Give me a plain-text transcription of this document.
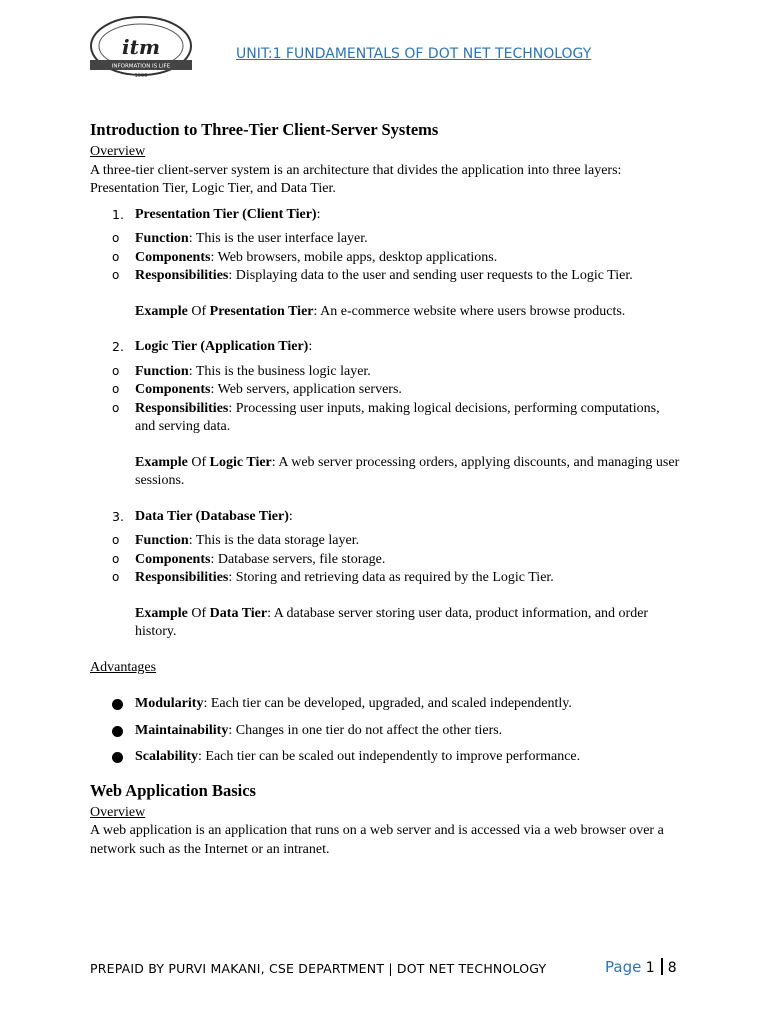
itm
INFORMATION IS LIFE
1993
UNIT:1 FUNDAMENTALS OF DOT NET TECHNOLOGY
Introduction to Three-Tier Client-Server Systems

Overview

A three-tier client-server system is an architecture that divides the application into three layers: Presentation Tier, Logic Tier, and Data Tier.

1. Presentation Tier (Client Tier):
o Function: This is the user interface layer.
o Components: Web browsers, mobile apps, desktop applications.
o Responsibilities: Displaying data to the user and sending user requests to the Logic Tier.

Example Of Presentation Tier: An e-commerce website where users browse products.

2. Logic Tier (Application Tier):
o Function: This is the business logic layer.
o Components: Web servers, application servers.
o Responsibilities: Processing user inputs, making logical decisions, performing computations, and serving data.

Example Of Logic Tier: A web server processing orders, applying discounts, and managing user sessions.

3. Data Tier (Database Tier):
o Function: This is the data storage layer.
o Components: Database servers, file storage.
o Responsibilities: Storing and retrieving data as required by the Logic Tier.

Example Of Data Tier: A database server storing user data, product information, and order history.

Advantages

Modularity: Each tier can be developed, upgraded, and scaled independently.
Maintainability: Changes in one tier do not affect the other tiers.
Scalability: Each tier can be scaled out independently to improve performance.
Web Application Basics

Overview

A web application is an application that runs on a web server and is accessed via a web browser over a network such as the Internet or an intranet.

PREPAID BY PURVI MAKANI, CSE DEPARTMENT | DOT NET TECHNOLOGY	Page 1 8
